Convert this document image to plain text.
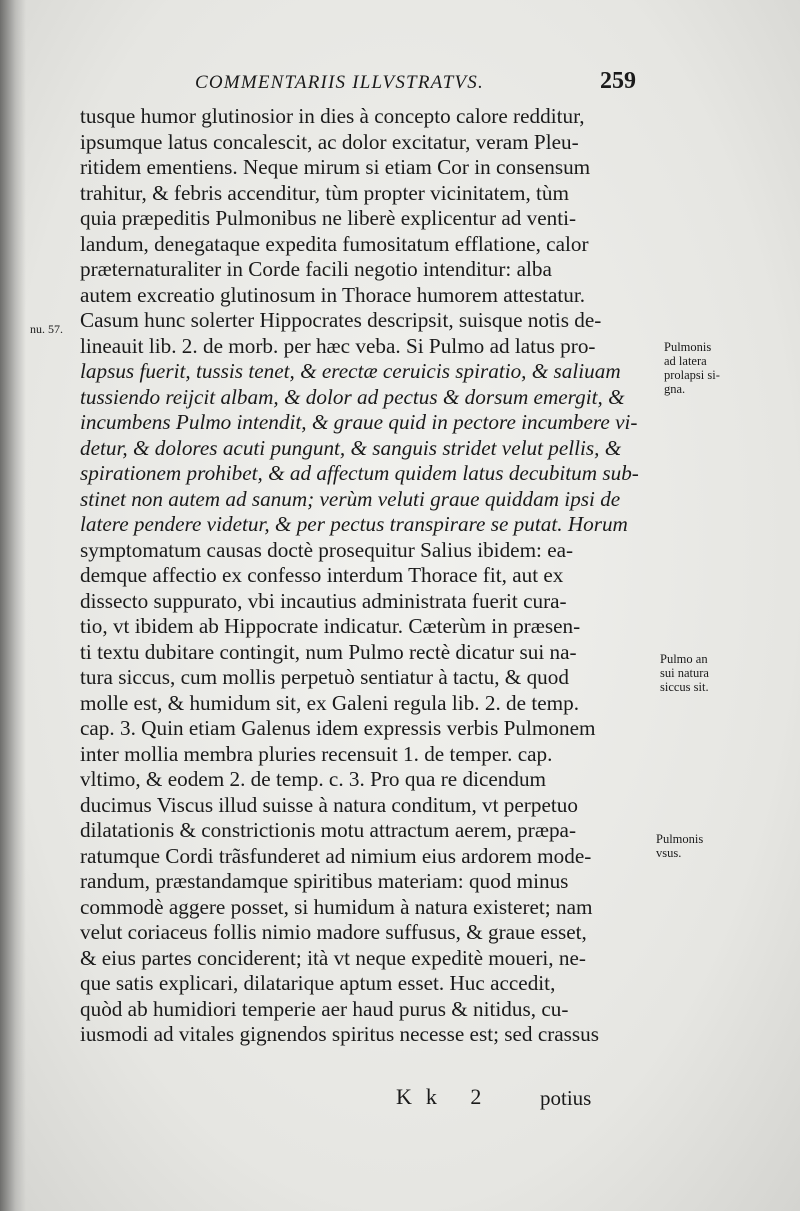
COMMENTARIIS ILLVSTRATVS.	259
nu. 57.
tusque humor glutinosior in dies à concepto calore redditur,
ipsumque latus concalescit, ac dolor excitatur, veram Pleu-
ritidem ementiens. Neque mirum si etiam Cor in consensum
trahitur, & febris accenditur, tùm propter vicinitatem, tùm
quia præpeditis Pulmonibus ne liberè explicentur ad venti-
landum, denegataque expedita fumositatum efflatione, calor
præternaturaliter in Corde facili negotio intenditur: alba
autem excreatio glutinosum in Thorace humorem attestatur.
Casum hunc solerter Hippocrates descripsit, suisque notis de-
lineauit lib. 2. de morb. per hæc veba. Si Pulmo ad latus pro-
lapsus fuerit, tussis tenet, & erectæ ceruicis spiratio, & saliuam
tussiendo reijcit albam, & dolor ad pectus & dorsum emergit, &
incumbens Pulmo intendit, & graue quid in pectore incumbere vi-
detur, & dolores acuti pungunt, & sanguis stridet velut pellis, &
spirationem prohibet, & ad affectum quidem latus decubitum sub-
stinet non autem ad sanum; verùm veluti graue quiddam ipsi de
latere pendere videtur, & per pectus transpirare se putat. Horum
symptomatum causas doctè prosequitur Salius ibidem: ea-
demque affectio ex confesso interdum Thorace fit, aut ex
dissecto suppurato, vbi incautius administrata fuerit cura-
tio, vt ibidem ab Hippocrate indicatur. Cæterùm in præsen-
ti textu dubitare contingit, num Pulmo rectè dicatur sui na-
tura siccus, cum mollis perpetuò sentiatur à tactu, & quod
molle est, & humidum sit, ex Galeni regula lib. 2. de temp.
cap. 3. Quin etiam Galenus idem expressis verbis Pulmonem
inter mollia membra pluries recensuit 1. de temper. cap.
vltimo, & eodem 2. de temp. c. 3. Pro qua re dicendum
ducimus Viscus illud suisse à natura conditum, vt perpetuo
dilatationis & constrictionis motu attractum aerem, præpa-
ratumque Cordi trãsfunderet ad nimium eius ardorem mode-
randum, præstandamque spiritibus materiam: quod minus
commodè aggere posset, si humidum à natura existeret; nam
velut coriaceus follis nimio madore suffusus, & graue esset,
& eius partes conciderent; ità vt neque expeditè moueri, ne-
que satis explicari, dilatarique aptum esset. Huc accedit,
quòd ab humidiori temperie aer haud purus & nitidus, cu-
iusmodi ad vitales gignendos spiritus necesse est; sed crassus
Pulmonis
ad latera
prolapsi si-
gna.
Pulmo an
sui natura
siccus sit.
Pulmonis
vsus.
Kk 2 potius
